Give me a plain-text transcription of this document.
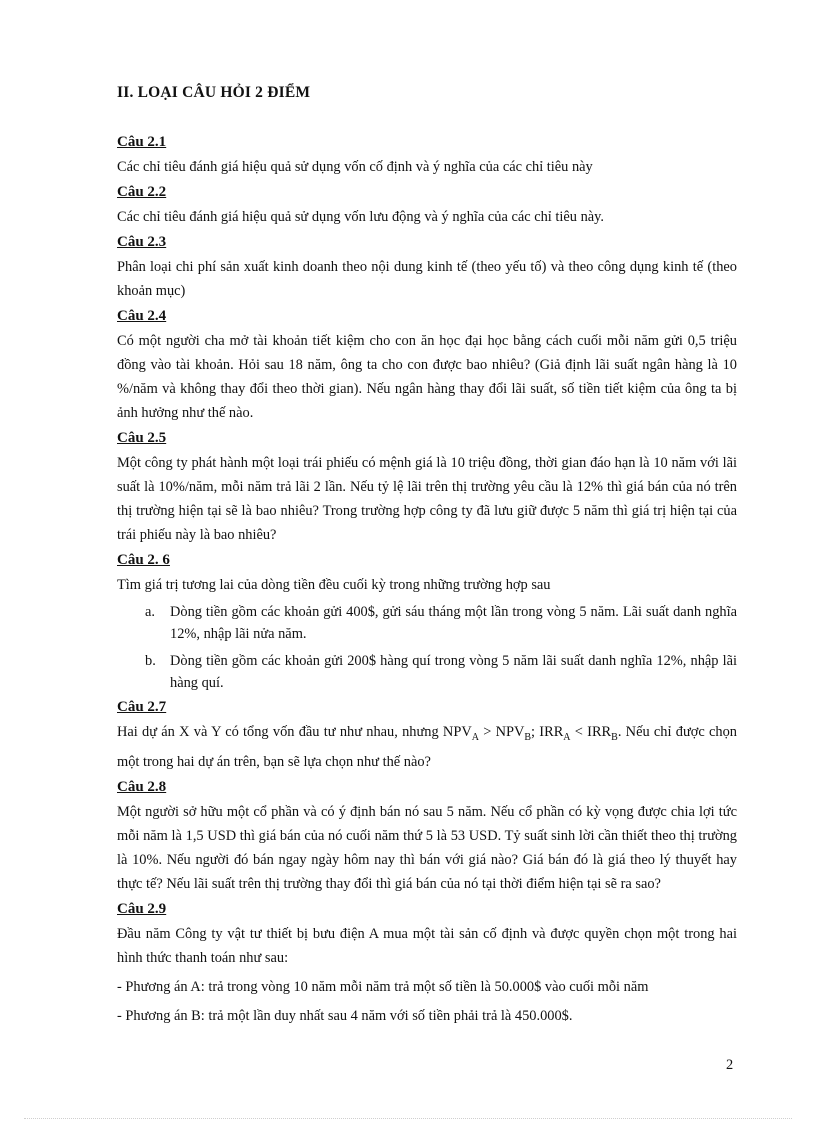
II. LOẠI CÂU HỎI 2 ĐIỂM
Câu 2.1

Các chỉ tiêu đánh giá hiệu quả sử dụng vốn cố định và ý nghĩa của các chỉ tiêu này

Câu 2.2

Các chỉ tiêu đánh giá hiệu quả sử dụng vốn lưu động và ý nghĩa của các chỉ tiêu này.

Câu 2.3

Phân loại chi phí sản xuất kinh doanh theo nội dung kinh tế (theo yếu tố) và theo công dụng kinh tế (theo khoản mục)

Câu 2.4

Có một người cha mở tài khoản tiết kiệm cho con ăn học đại học bằng cách cuối mỗi năm gửi 0,5 triệu đồng vào tài khoản. Hỏi sau 18 năm, ông ta cho con được bao nhiêu? (Giả định lãi suất ngân hàng là 10 %/năm và không thay đổi theo thời gian). Nếu ngân hàng thay đổi lãi suất, số tiền tiết kiệm của ông ta bị ảnh hưởng như thế nào.

Câu 2.5

Một công ty phát hành một loại trái phiếu có mệnh giá là 10 triệu đồng, thời gian đáo hạn là 10 năm với lãi suất là 10%/năm, mỗi năm trả lãi 2 lần. Nếu tỷ lệ lãi trên thị trường yêu cầu là 12% thì giá bán của nó trên thị trường hiện tại sẽ là bao nhiêu? Trong trường hợp công ty đã lưu giữ được 5 năm thì giá trị hiện tại của trái phiếu này là bao nhiêu?

Câu 2. 6

Tìm giá trị tương lai của dòng tiền đều cuối kỳ trong những trường hợp sau

a. Dòng tiền gồm các khoản gửi 400$, gửi sáu tháng một lần trong vòng 5 năm. Lãi suất danh nghĩa 12%, nhập lãi nửa năm.
b. Dòng tiền gồm các khoản gửi 200$ hàng quí trong vòng 5 năm lãi suất danh nghĩa 12%, nhập lãi hàng quí.
Câu 2.7

Hai dự án X và Y có tổng vốn đầu tư như nhau, nhưng $NPV_A > NPV_B$; $IRR_A < IRR_B$. Nếu chỉ được chọn một trong hai dự án trên, bạn sẽ lựa chọn như thế nào?

Câu 2.8

Một người sở hữu một cổ phần và có ý định bán nó sau 5 năm. Nếu cổ phần có kỳ vọng được chia lợi tức mỗi năm là 1,5 USD thì giá bán của nó cuối năm thứ 5 là 53 USD. Tỷ suất sinh lời cần thiết theo thị trường là 10%. Nếu người đó bán ngay ngày hôm nay thì bán với giá nào? Giá bán đó là giá theo lý thuyết hay thực tế? Nếu lãi suất trên thị trường thay đổi thì giá bán của nó tại thời điểm hiện tại sẽ ra sao?

Câu 2.9

Đầu năm Công ty vật tư thiết bị bưu điện A mua một tài sản cố định và được quyền chọn một trong hai hình thức thanh toán như sau:

- Phương án A: trả trong vòng 10 năm mỗi năm trả một số tiền là 50.000$ vào cuối mỗi năm

- Phương án B: trả một lần duy nhất sau 4 năm với số tiền phải trả là 450.000$.

2
